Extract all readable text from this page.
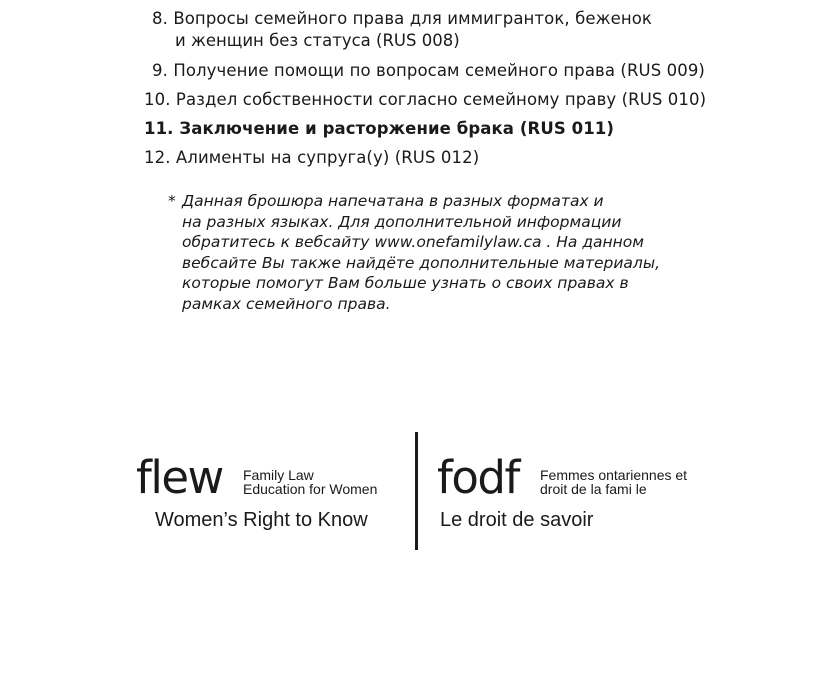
8. Вопросы семейного права для иммигранток, беженок
и женщин без статуса (RUS 008)
9. Получение помощи по вопросам семейного права (RUS 009)
10. Раздел собственности согласно семейному праву (RUS 010)
11. Заключение и расторжение брака (RUS 011)
12. Алименты на супруга(у) (RUS 012)
* Данная брошюра напечатана в разных форматах и
на разных языках. Для дополнительной информации
обратитесь к вебсайту www.onefamilylaw.ca . На данном
вебсайте Вы также найдёте дополнительные материалы,
которые помогут Вам больше узнать о своих правах в
рамках семейного права.
flew Family Law
Education for Women
Women’s Right to Know
fodf Femmes ontariennes et
droit de la fami le
Le droit de savoir
